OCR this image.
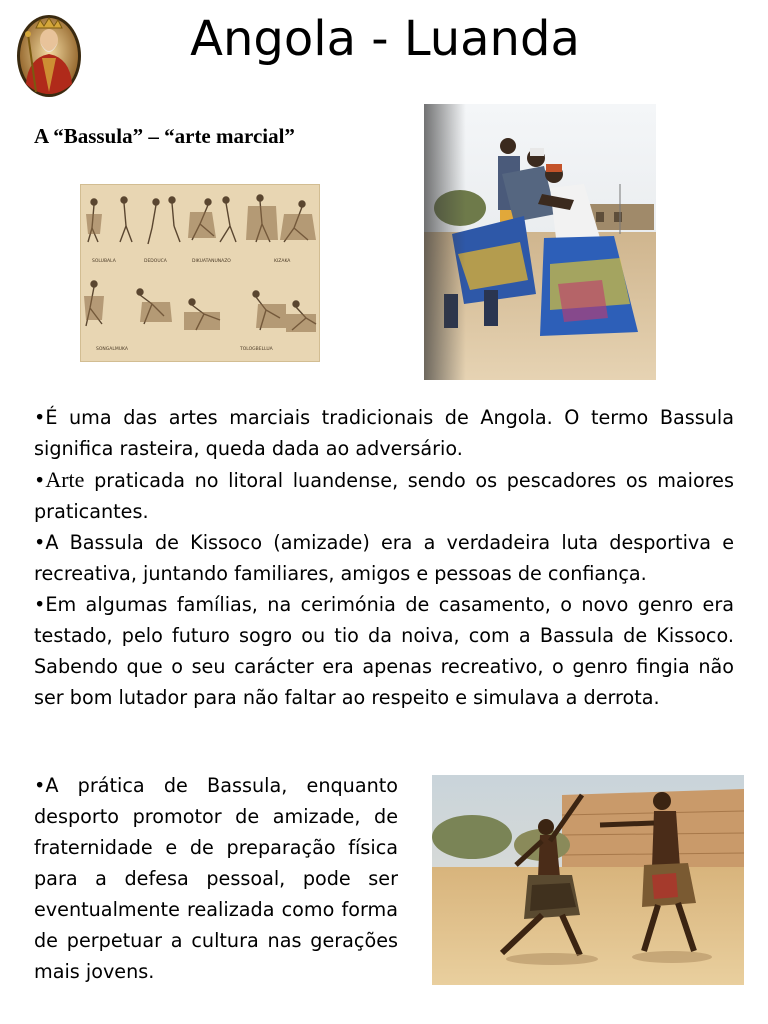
Angola - Luanda
A “Bassula” – “arte marcial”
SOLUBALA	DEDOUCA	DIKUATANUNAZO	KIZAKA
SONGALMUKA	TOLOGBELLUA

•É uma das artes marciais tradicionais de Angola. O termo Bassula significa rasteira, queda dada ao adversário.

•Arte praticada no litoral luandense, sendo os pescadores os maiores praticantes.

•A Bassula de Kissoco (amizade) era a verdadeira luta desportiva e recreativa, juntando familiares, amigos e pessoas de confiança.

•Em algumas famílias, na cerimónia de casamento, o novo genro era testado, pelo futuro sogro ou tio da noiva, com a Bassula de Kissoco. Sabendo que o seu carácter era apenas recreativo, o genro fingia não ser bom lutador para não faltar ao respeito e simulava a derrota.

•A prática de Bassula, enquanto desporto promotor de amizade, de fraternidade e de preparação física para a defesa pessoal, pode ser eventualmente realizada como forma de perpetuar a cultura nas gerações mais jovens.
